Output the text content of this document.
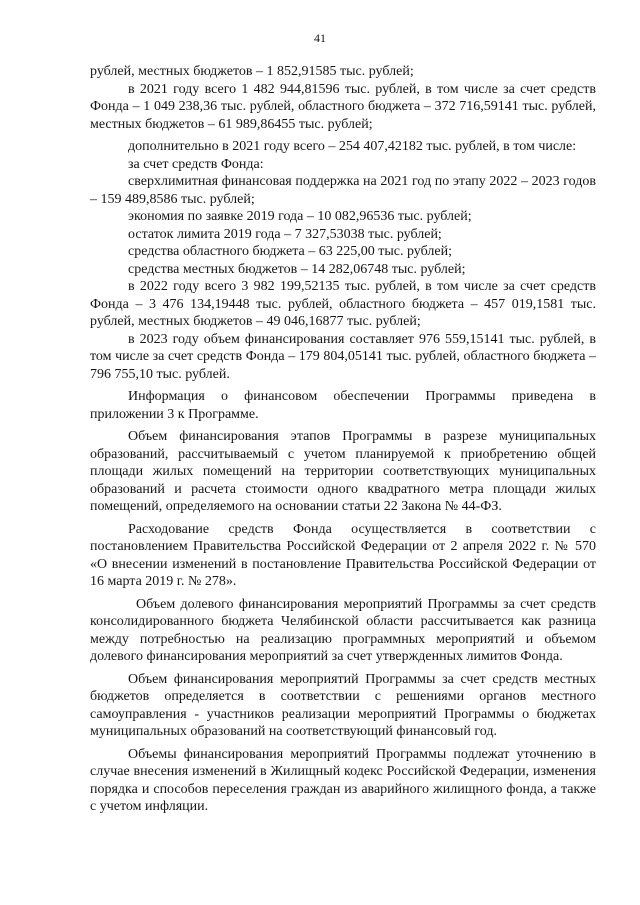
41

рублей, местных бюджетов – 1 852,91585 тыс. рублей;

в 2021 году всего 1 482 944,81596 тыс. рублей, в том числе за счет средств Фонда – 1 049 238,36 тыс. рублей, областного бюджета – 372 716,59141 тыс. рублей, местных бюджетов – 61 989,86455 тыс. рублей;

дополнительно в 2021 году всего – 254 407,42182 тыс. рублей, в том числе:

за счет средств Фонда:

сверхлимитная финансовая поддержка на 2021 год по этапу 2022 – 2023 годов – 159 489,8586 тыс. рублей;

экономия по заявке 2019 года – 10 082,96536 тыс. рублей;

остаток лимита 2019 года – 7 327,53038 тыс. рублей;

средства областного бюджета – 63 225,00 тыс. рублей;

средства местных бюджетов – 14 282,06748 тыс. рублей;

в 2022 году всего 3 982 199,52135 тыс. рублей, в том числе за счет средств Фонда – 3 476 134,19448 тыс. рублей, областного бюджета – 457 019,1581 тыс. рублей, местных бюджетов – 49 046,16877 тыс. рублей;

в 2023 году объем финансирования составляет 976 559,15141 тыс. рублей, в том числе за счет средств Фонда – 179 804,05141 тыс. рублей, областного бюджета – 796 755,10 тыс. рублей.

Информация о финансовом обеспечении Программы приведена в приложении 3 к Программе.

Объем финансирования этапов Программы в разрезе муниципальных образований, рассчитываемый с учетом планируемой к приобретению общей площади жилых помещений на территории соответствующих муниципальных образований и расчета стоимости одного квадратного метра площади жилых помещений, определяемого на основании статьи 22 Закона № 44-ФЗ.

Расходование средств Фонда осуществляется в соответствии с постановлением Правительства Российской Федерации от 2 апреля 2022 г. № 570 «О внесении изменений в постановление Правительства Российской Федерации от 16 марта 2019 г. № 278».

Объем долевого финансирования мероприятий Программы за счет средств консолидированного бюджета Челябинской области рассчитывается как разница между потребностью на реализацию программных мероприятий и объемом долевого финансирования мероприятий за счет утвержденных лимитов Фонда.

Объем финансирования мероприятий Программы за счет средств местных бюджетов определяется в соответствии с решениями органов местного самоуправления - участников реализации мероприятий Программы о бюджетах муниципальных образований на соответствующий финансовый год.

Объемы финансирования мероприятий Программы подлежат уточнению в случае внесения изменений в Жилищный кодекс Российской Федерации, изменения порядка и способов переселения граждан из аварийного жилищного фонда, а также с учетом инфляции.
